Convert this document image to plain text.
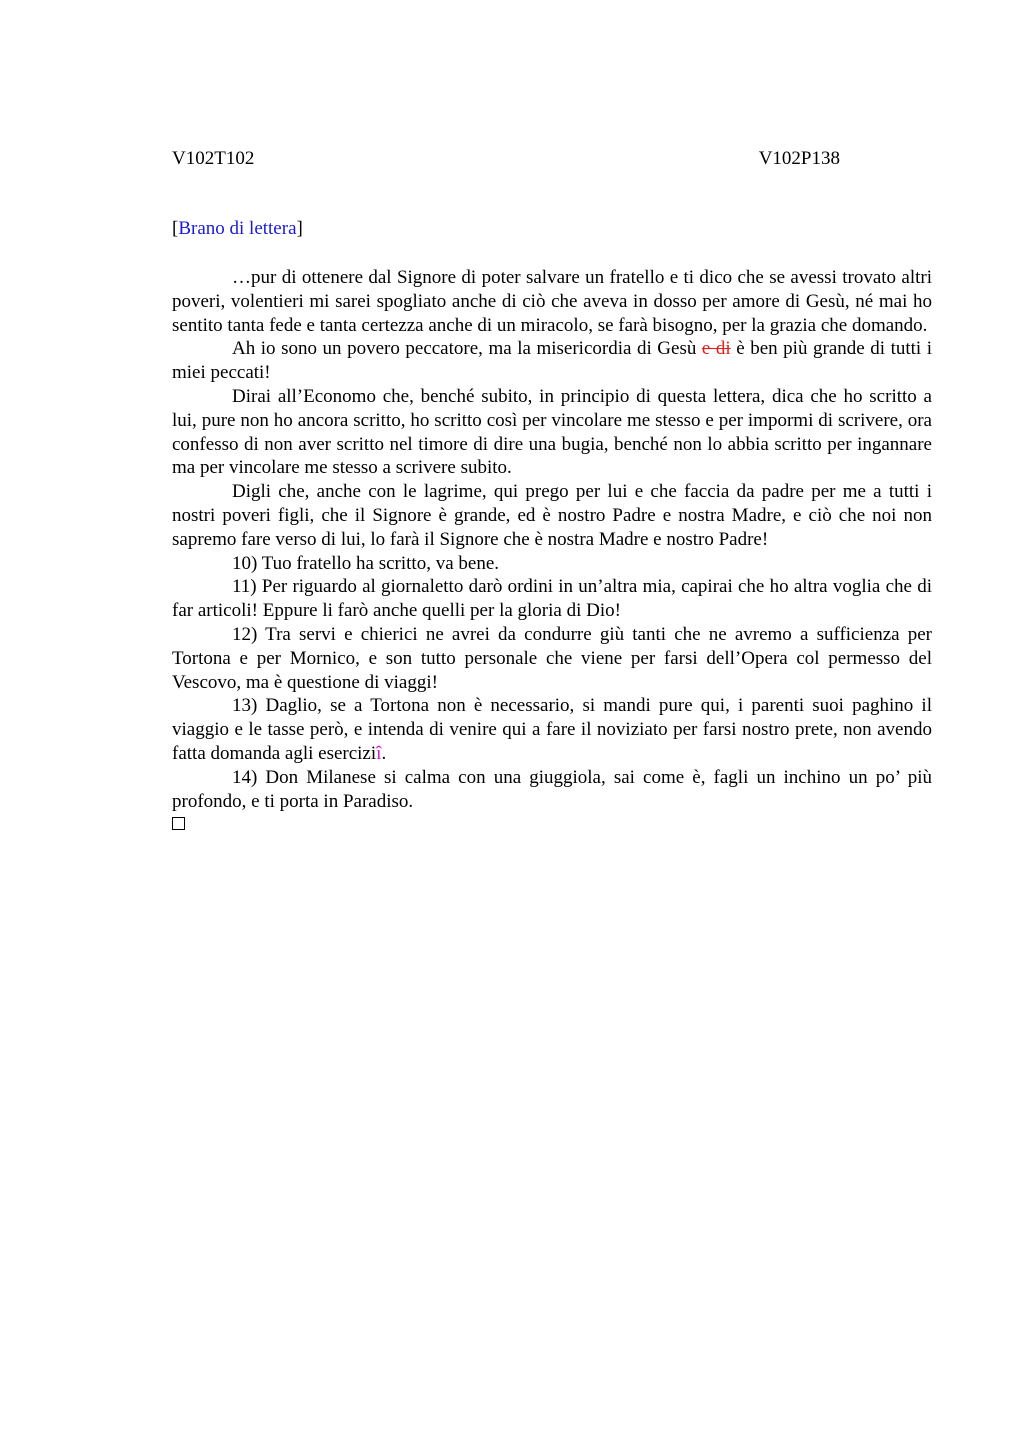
V102T102	V102P138
[Brano di lettera]

…pur di ottenere dal Signore di poter salvare un fratello e ti dico che se avessi trovato altri poveri, volentieri mi sarei spogliato anche di ciò che aveva in dosso per amore di Gesù, né mai ho sentito tanta fede e tanta certezza anche di un miracolo, se farà bisogno, per la grazia che domando.

Ah io sono un povero peccatore, ma la misericordia di Gesù e di è ben più grande di tutti i miei peccati!

Dirai all’Economo che, benché subito, in principio di questa lettera, dica che ho scritto a lui, pure non ho ancora scritto, ho scritto così per vincolare me stesso e per impormi di scrivere, ora confesso di non aver scritto nel timore di dire una bugia, benché non lo abbia scritto per ingannare ma per vincolare me stesso a scrivere subito.

Digli che, anche con le lagrime, qui prego per lui e che faccia da padre per me a tutti i nostri poveri figli, che il Signore è grande, ed è nostro Padre e nostra Madre, e ciò che noi non sapremo fare verso di lui, lo farà il Signore che è nostra Madre e nostro Padre!

10) Tuo fratello ha scritto, va bene.

11) Per riguardo al giornaletto darò ordini in un’altra mia, capirai che ho altra voglia che di far articoli! Eppure li farò anche quelli per la gloria di Dio!

12) Tra servi e chierici ne avrei da condurre giù tanti che ne avremo a sufficienza per Tortona e per Mornico, e son tutto personale che viene per farsi dell’Opera col permesso del Vescovo, ma è questione di viaggi!

13) Daglio, se a Tortona non è necessario, si mandi pure qui, i parenti suoi paghino il viaggio e le tasse però, e intenda di venire qui a fare il noviziato per farsi nostro prete, non avendo fatta domanda agli eserciziî.

14) Don Milanese si calma con una giuggiola, sai come è, fagli un inchino un po’ più profondo, e ti porta in Paradiso.
